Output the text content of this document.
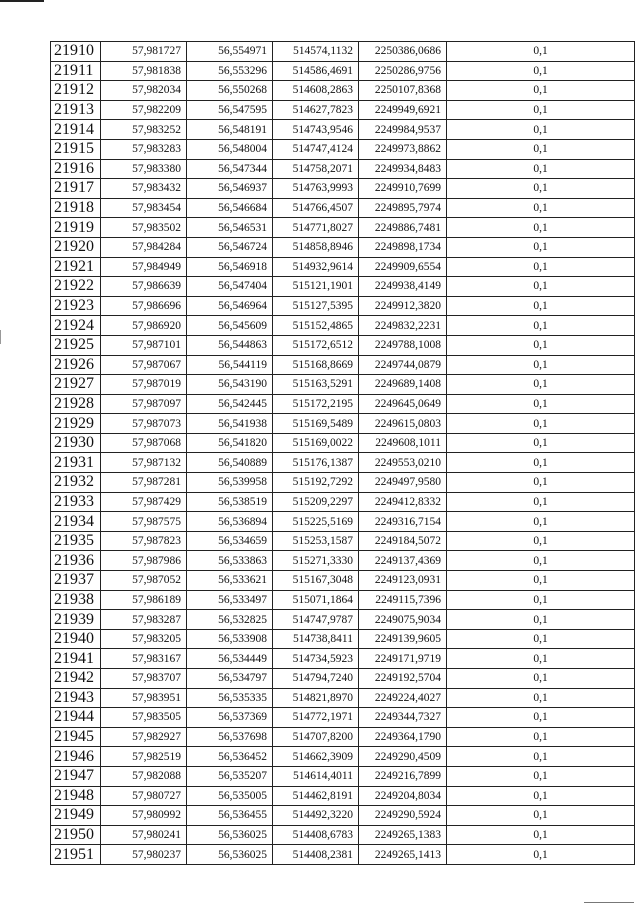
21910	57,981727	56,554971	514574,1132	2250386,0686	0,1
21911	57,981838	56,553296	514586,4691	2250286,9756	0,1
21912	57,982034	56,550268	514608,2863	2250107,8368	0,1
21913	57,982209	56,547595	514627,7823	2249949,6921	0,1
21914	57,983252	56,548191	514743,9546	2249984,9537	0,1
21915	57,983283	56,548004	514747,4124	2249973,8862	0,1
21916	57,983380	56,547344	514758,2071	2249934,8483	0,1
21917	57,983432	56,546937	514763,9993	2249910,7699	0,1
21918	57,983454	56,546684	514766,4507	2249895,7974	0,1
21919	57,983502	56,546531	514771,8027	2249886,7481	0,1
21920	57,984284	56,546724	514858,8946	2249898,1734	0,1
21921	57,984949	56,546918	514932,9614	2249909,6554	0,1
21922	57,986639	56,547404	515121,1901	2249938,4149	0,1
21923	57,986696	56,546964	515127,5395	2249912,3820	0,1
21924	57,986920	56,545609	515152,4865	2249832,2231	0,1
21925	57,987101	56,544863	515172,6512	2249788,1008	0,1
21926	57,987067	56,544119	515168,8669	2249744,0879	0,1
21927	57,987019	56,543190	515163,5291	2249689,1408	0,1
21928	57,987097	56,542445	515172,2195	2249645,0649	0,1
21929	57,987073	56,541938	515169,5489	2249615,0803	0,1
21930	57,987068	56,541820	515169,0022	2249608,1011	0,1
21931	57,987132	56,540889	515176,1387	2249553,0210	0,1
21932	57,987281	56,539958	515192,7292	2249497,9580	0,1
21933	57,987429	56,538519	515209,2297	2249412,8332	0,1
21934	57,987575	56,536894	515225,5169	2249316,7154	0,1
21935	57,987823	56,534659	515253,1587	2249184,5072	0,1
21936	57,987986	56,533863	515271,3330	2249137,4369	0,1
21937	57,987052	56,533621	515167,3048	2249123,0931	0,1
21938	57,986189	56,533497	515071,1864	2249115,7396	0,1
21939	57,983287	56,532825	514747,9787	2249075,9034	0,1
21940	57,983205	56,533908	514738,8411	2249139,9605	0,1
21941	57,983167	56,534449	514734,5923	2249171,9719	0,1
21942	57,983707	56,534797	514794,7240	2249192,5704	0,1
21943	57,983951	56,535335	514821,8970	2249224,4027	0,1
21944	57,983505	56,537369	514772,1971	2249344,7327	0,1
21945	57,982927	56,537698	514707,8200	2249364,1790	0,1
21946	57,982519	56,536452	514662,3909	2249290,4509	0,1
21947	57,982088	56,535207	514614,4011	2249216,7899	0,1
21948	57,980727	56,535005	514462,8191	2249204,8034	0,1
21949	57,980992	56,536455	514492,3220	2249290,5924	0,1
21950	57,980241	56,536025	514408,6783	2249265,1383	0,1
21951	57,980237	56,536025	514408,2381	2249265,1413	0,1
